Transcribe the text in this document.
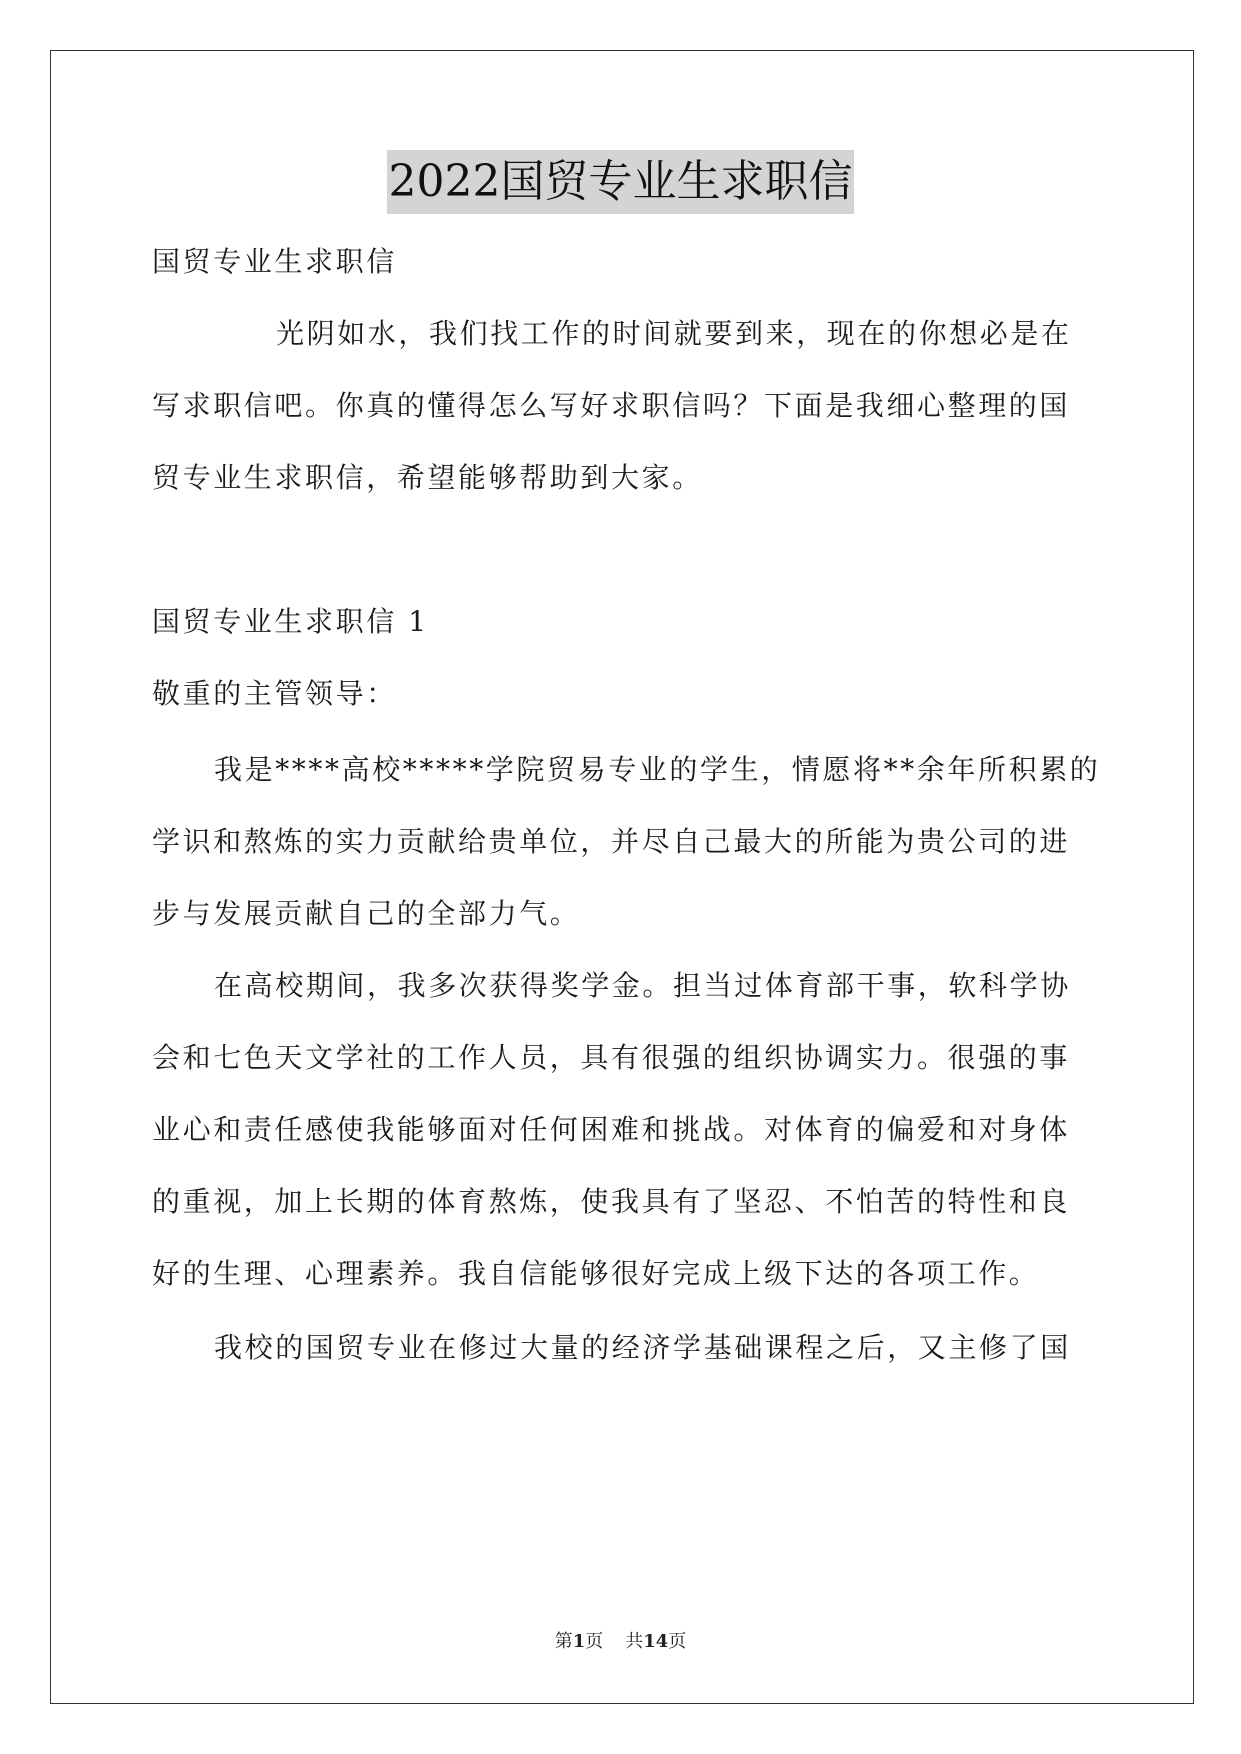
2022国贸专业生求职信
国贸专业生求职信
光阴如水，我们找工作的时间就要到来，现在的你想必是在
写求职信吧。你真的懂得怎么写好求职信吗？下面是我细心整理的国
贸专业生求职信，希望能够帮助到大家。
国贸专业生求职信 1
敬重的主管领导：
我是****高校*****学院贸易专业的学生，情愿将**余年所积累的
学识和熬炼的实力贡献给贵单位，并尽自己最大的所能为贵公司的进
步与发展贡献自己的全部力气。
在高校期间，我多次获得奖学金。担当过体育部干事，软科学协
会和七色天文学社的工作人员，具有很强的组织协调实力。很强的事
业心和责任感使我能够面对任何困难和挑战。对体育的偏爱和对身体
的重视，加上长期的体育熬炼，使我具有了坚忍、不怕苦的特性和良
好的生理、心理素养。我自信能够很好完成上级下达的各项工作。
我校的国贸专业在修过大量的经济学基础课程之后，又主修了国
第1页 共14页
